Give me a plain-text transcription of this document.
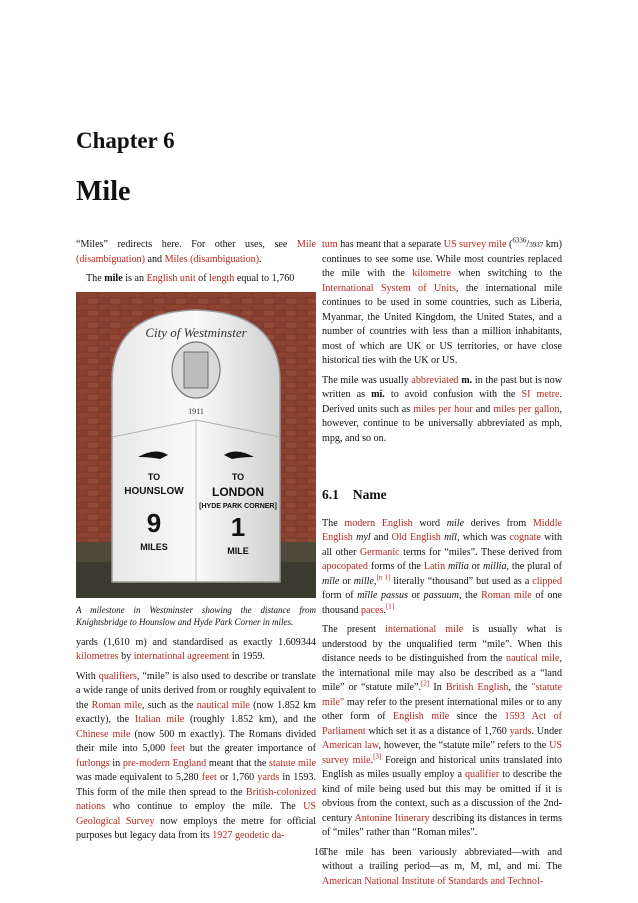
Chapter 6
Mile

“Miles” redirects here. For other uses, see Mile (disambiguation) and Miles (disambiguation).

The mile is an English unit of length equal to 1,760

City of Westminster
1911
TO
HOUNSLOW
9
MILES
TO
LONDON
[HYDE PARK CORNER]
1
MILE

A milestone in Westminster showing the distance from Knightsbridge to Hounslow and Hyde Park Corner in miles.

yards (1,610 m) and standardised as exactly 1.609344 kilometres by international agreement in 1959.

With qualifiers, “mile” is also used to describe or translate a wide range of units derived from or roughly equivalent to the Roman mile, such as the nautical mile (now 1.852 km exactly), the Italian mile (roughly 1.852 km), and the Chinese mile (now 500 m exactly). The Romans divided their mile into 5,000 feet but the greater importance of furlongs in pre-modern England meant that the statute mile was made equivalent to 5,280 feet or 1,760 yards in 1593. This form of the mile then spread to the British-colonized nations who continue to employ the mile. The US Geological Survey now employs the metre for official purposes but legacy data from its 1927 geodetic da-

tum has meant that a separate US survey mile ($^{6336}$/3937 km) continues to see some use. While most countries replaced the mile with the kilometre when switching to the International System of Units, the international mile continues to be used in some countries, such as Liberia, Myanmar, the United Kingdom, the United States, and a number of countries with less than a million inhabitants, most of which are UK or US territories, or have close historical ties with the UK or US.

The mile was usually abbreviated m. in the past but is now written as mi. to avoid confusion with the SI metre. Derived units such as miles per hour and miles per gallon, however, continue to be universally abbreviated as mph, mpg, and so on.

6.1 Name

The modern English word mile derives from Middle English myl and Old English mīl, which was cognate with all other Germanic terms for “miles”. These derived from apocopated forms of the Latin mīlia or millia, the plural of mīle or mille,[n 1] literally “thousand” but used as a clipped form of mīlle passus or passuum, the Roman mile of one thousand paces.[1]

The present international mile is usually what is understood by the unqualified term “mile”. When this distance needs to be distinguished from the nautical mile, the international mile may also be described as a “land mile” or “statute mile”.[2] In British English, the "statute mile" may refer to the present international miles or to any other form of English mile since the 1593 Act of Parliament which set it as a distance of 1,760 yards. Under American law, however, the “statute mile” refers to the US survey mile.[3] Foreign and historical units translated into English as miles usually employ a qualifier to describe the kind of mile being used but this may be omitted if it is obvious from the context, such as a discussion of the 2nd-century Antonine Itinerary describing its distances in terms of “miles” rather than “Roman miles”.

The mile has been variously abbreviated—with and without a trailing period—as m, M, ml, and mi. The American National Institute of Standards and Technol-

16
